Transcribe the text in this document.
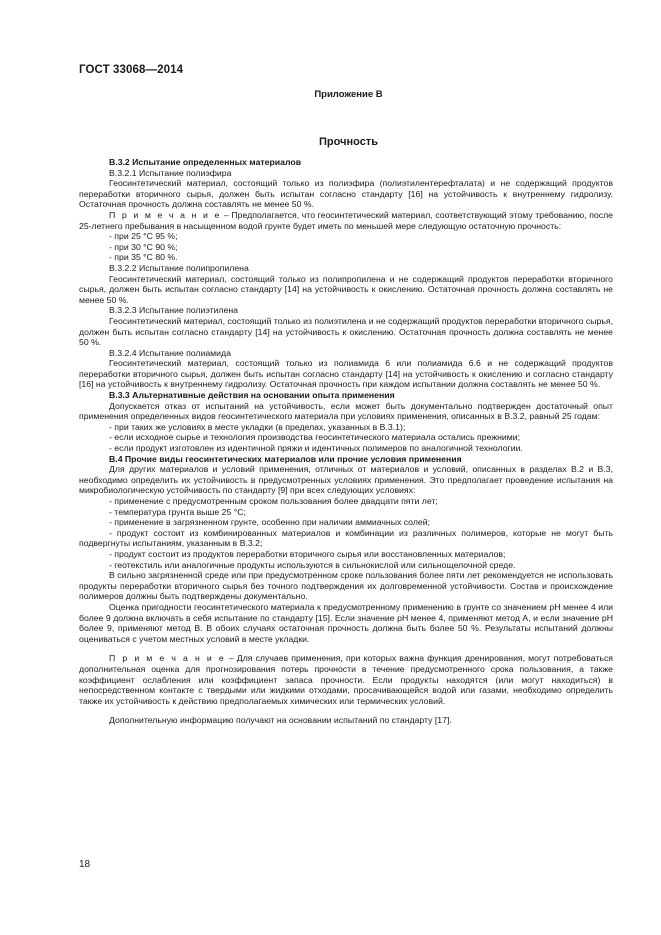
ГОСТ 33068—2014
Приложение В
Прочность

В.3.2 Испытание определенных материалов

В.3.2.1 Испытание полиэфира

Геосинтетический материал, состоящий только из полиэфира (полиэтилентерефталата) и не содержащий продуктов переработки вторичного сырья, должен быть испытан согласно стандарту [16] на устойчивость к внутреннему гидролизу. Остаточная прочность должна составлять не менее 50 %.

П р и м е ч а н и е – Предполагается, что геосинтетический материал, соответствующий этому требованию, после 25-летнего пребывания в насыщенном водой грунте будет иметь по меньшей мере следующую остаточную прочность:

- при 25 °С 95 %;

- при 30 °С 90 %;

- при 35 °С 80 %.

В.3.2.2 Испытание полипропилена

Геосинтетический материал, состоящий только из полипропилена и не содержащий продуктов переработки вторичного сырья, должен быть испытан согласно стандарту [14] на устойчивость к окислению. Остаточная прочность должна составлять не менее 50 %.

В.3.2.3 Испытание полиэтилена

Геосинтетический материал, состоящий только из полиэтилена и не содержащий продуктов переработки вторичного сырья, должен быть испытан согласно стандарту [14] на устойчивость к окислению. Остаточная прочность должна составлять не менее 50 %.

В.3.2.4 Испытание полиамида

Геосинтетический материал, состоящий только из полиамида 6 или полиамида 6.6 и не содержащий продуктов переработки вторичного сырья, должен быть испытан согласно стандарту [14] на устойчивость к окислению и согласно стандарту [16] на устойчивость к внутреннему гидролизу. Остаточная прочность при каждом испытании должна составлять не менее 50 %.

В.3.3 Альтернативные действия на основании опыта применения

Допускается отказ от испытаний на устойчивость, если может быть документально подтвержден достаточный опыт применения определенных видов геосинтетического материала при условиях применения, описанных в В.3.2, равный 25 годам:

- при таких же условиях в месте укладки (в пределах, указанных в В.3.1);

- если исходное сырье и технология производства геосинтетического материала остались прежними;

- если продукт изготовлен из идентичной пряжи и идентичных полимеров по аналогичной технологии.

В.4 Прочие виды геосинтетических материалов или прочие условия применения

Для других материалов и условий применения, отличных от материалов и условий, описанных в разделах В.2 и В.3, необходимо определить их устойчивость в предусмотренных условиях применения. Это предполагает проведение испытания на микробиологическую устойчивость по стандарту [9] при всех следующих условиях:

- применение с предусмотренным сроком пользования более двадцати пяти лет;

- температура грунта выше 25 °С;

- применение в загрязненном грунте, особенно при наличии аммиачных солей;

- продукт состоит из комбинированных материалов и комбинации из различных полимеров, которые не могут быть подвергнуты испытаниям, указанным в В.3.2;

- продукт состоит из продуктов переработки вторичного сырья или восстановленных материалов;

- геотекстиль или аналогичные продукты используются в сильнокислой или сильнощелочной среде.

В сильно загрязненной среде или при предусмотренном сроке пользования более пяти лет рекомендуется не использовать продукты переработки вторичного сырья без точного подтверждения их долговременной устойчивости. Состав и происхождение полимеров должны быть подтверждены документально.

Оценка пригодности геосинтетического материала к предусмотренному применению в грунте со значением рН менее 4 или более 9 должна включать в себя испытание по стандарту [15]. Если значение рН менее 4, применяют метод А, и если значение рН более 9, применяют метод В. В обоих случаях остаточная прочность должна быть более 50 %. Результаты испытаний должны оцениваться с учетом местных условий в месте укладки.

П р и м е ч а н и е – Для случаев применения, при которых важна функция дренирования, могут потребоваться дополнительная оценка для прогнозирования потерь прочности в течение предусмотренного срока пользования, а также коэффициент ослабления или коэффициент запаса прочности. Если продукты находятся (или могут находиться) в непосредственном контакте с твердыми или жидкими отходами, просачивающейся водой или газами, необходимо определить также их устойчивость к действию предполагаемых химических или термических условий.

Дополнительную информацию получают на основании испытаний по стандарту [17].

18
